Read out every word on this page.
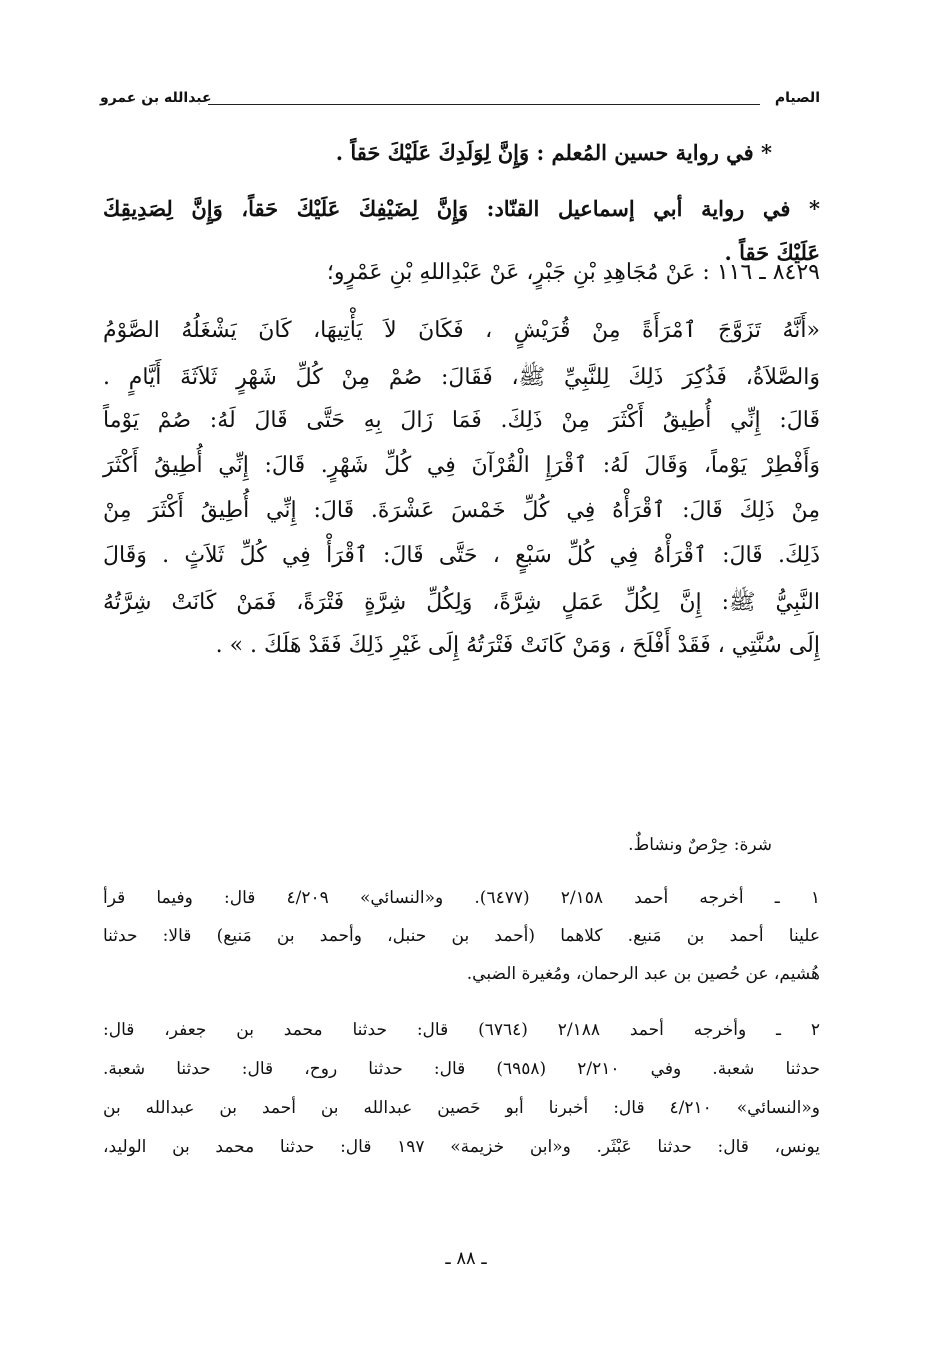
الصيام
عبدالله بن عمرو
* في رواية حسين المُعلم : وَإِنَّ لِوَلَدِكَ عَلَيْكَ حَقاً .
* في رواية أبي إسماعيل القنّاد: وَإِنَّ لِضَيْفِكَ عَلَيْكَ حَقاً، وَإِنَّ لِصَدِيقِكَ
عَلَيْكَ حَقاً .
٨٤٢٩ ـ ١١٦ : عَنْ مُجَاهِدِ بْنِ جَبْرٍ، عَنْ عَبْدِاللهِ بْنِ عَمْرٍو؛
«أَنَّهُ تَزَوَّجَ ٱمْرَأَةً مِنْ قُرَيْشٍ ، فَكَانَ لاَ يَأْتِيهَا، كَانَ يَشْغَلُهُ الصَّوْمُ
وَالصَّلاَةُ، فَذُكِرَ ذَلِكَ لِلنَّبِيِّ ﷺ، فَقَالَ: صُمْ مِنْ كُلِّ شَهْرٍ ثَلاَثَةَ أَيَّامٍ .
قَالَ: إِنِّي أُطِيقُ أَكْثَرَ مِنْ ذَلِكَ. فَمَا زَالَ بِهِ حَتَّى قَالَ لَهُ: صُمْ يَوْماً
وَأَفْطِرْ يَوْماً، وَقَالَ لَهُ: ٱقْرَإِ الْقُرْآنَ فِي كُلِّ شَهْرٍ. قَالَ: إِنِّي أُطِيقُ أَكْثَرَ
مِنْ ذَلِكَ قَالَ: ٱقْرَأْهُ فِي كُلِّ خَمْسَ عَشْرَةَ. قَالَ: إِنِّي أُطِيقُ أَكْثَرَ مِنْ
ذَلِكَ. قَالَ: ٱقْرَأْهُ فِي كُلِّ سَبْعٍ ، حَتَّى قَالَ: ٱقْرَأْ فِي كُلِّ ثَلاَثٍ . وَقَالَ
النَّبِيُّ ﷺ: إِنَّ لِكُلِّ عَمَلٍ شِرَّةً، وَلِكُلِّ شِرَّةٍ فَتْرَةً، فَمَنْ كَانَتْ شِرَّتُهُ
إِلَى سُنَّتِي ، فَقَدْ أَفْلَحَ ، وَمَنْ كَانَتْ فَتْرَتُهُ إِلَى غَيْرِ ذَلِكَ فَقَدْ هَلَكَ . » .
شرة: حِرْصٌ ونشاطٌ.
١ ـ أخرجه أحمد ٢/١٥٨ (٦٤٧٧). و«النسائي» ٤/٢٠٩ قال: وفيما قرأ
علينا أحمد بن مَنيع. كلاهما (أحمد بن حنبل، وأحمد بن مَنيع) قالا: حدثنا
هُشيم، عن حُصين بن عبد الرحمان، ومُغيرة الضبي.
٢ ـ وأخرجه أحمد ٢/١٨٨ (٦٧٦٤) قال: حدثنا محمد بن جعفر، قال:
حدثنا شعبة. وفي ٢/٢١٠ (٦٩٥٨) قال: حدثنا روح، قال: حدثنا شعبة.
و«النسائي» ٤/٢١٠ قال: أخبرنا أبو حَصين عبدالله بن أحمد بن عبدالله بن
يونس، قال: حدثنا عَبْثَر. و«ابن خزيمة» ١٩٧ قال: حدثنا محمد بن الوليد،
ـ ٨٨ ـ
